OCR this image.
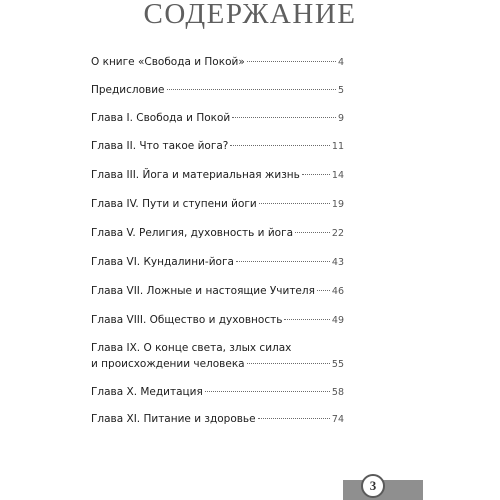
СОДЕРЖАНИЕ
О книге «Свобода и Покой»	4
Предисловие	5
Глава I. Свобода и Покой	9
Глава II. Что такое йога?	11
Глава III. Йога и материальная жизнь	14
Глава IV. Пути и ступени йоги	19
Глава V. Религия, духовность и йога	22
Глава VI. Кундалини-йога	43
Глава VII. Ложные и настоящие Учителя 46
Глава VIII. Общество и духовность	49
Глава IX. О конце света, злых силах
и происхождении человека	55
Глава X. Медитация	58
Глава XI. Питание и здоровье	74
3
